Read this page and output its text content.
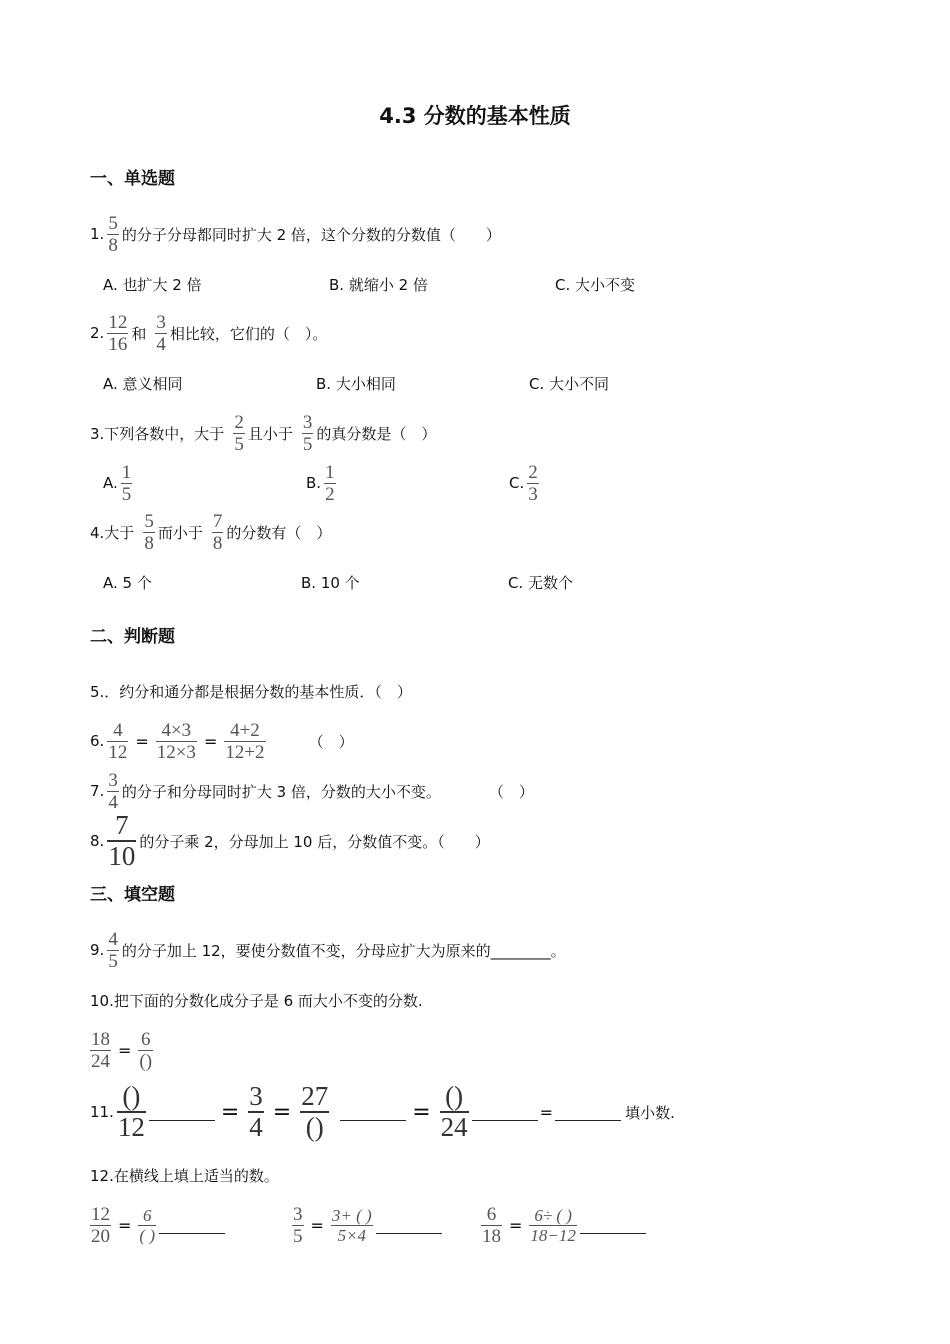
4.3 分数的基本性质
一、单选题
1. $\frac{5}{8}$ 的分子分母都同时扩大 2 倍，这个分数的分数值（　　）
A. 也扩大 2 倍	B. 就缩小 2 倍	C. 大小不变
2. $\frac{12}{16}$ 和 $\frac{3}{4}$ 相比较，它们的（　）。
A. 意义相同	B. 大小相同	C. 大小不同
3.下列各数中，大于 $\frac{2}{5}$ 且小于 $\frac{3}{5}$ 的真分数是（　）
A. $\frac{1}{5}$	B. $\frac{1}{2}$	C. $\frac{2}{3}$
4.大于 $\frac{5}{8}$ 而小于 $\frac{7}{8}$ 的分数有（　）
A. 5 个	B. 10 个	C. 无数个
二、判断题
5.．约分和通分都是根据分数的基本性质．（　）
6. $\frac{4}{12} = \frac{4\times 3}{12\times 3} = \frac{4+2}{12+2}$	（　）
7. $\frac{3}{4}$ 的分子和分母同时扩大 3 倍，分数的大小不变。	（　）
8. $\frac{7}{10}$ 的分子乘 2，分母加上 10 后，分数值不变。（　　）
三、填空题
9. $\frac{4}{5}$ 的分子加上 12，要使分数值不变，分母应扩大为原来的________。
10.把下面的分数化成分子是 6 而大小不变的分数.
$\frac{18}{24} = \frac{6}{()}$
11. $\frac{()}{12}$	= $\frac{3}{4} = \frac{27}{()}$	= $\frac{()}{24}$	=	填小数.
12.在横线上填上适当的数。
$\frac{12}{20} = \frac{6}{( )}$	$\frac{3}{5} = \frac{3+ ( )}{5\times 4}$	$\frac{6}{18} = \frac{6\div ( )}{18-12}$
